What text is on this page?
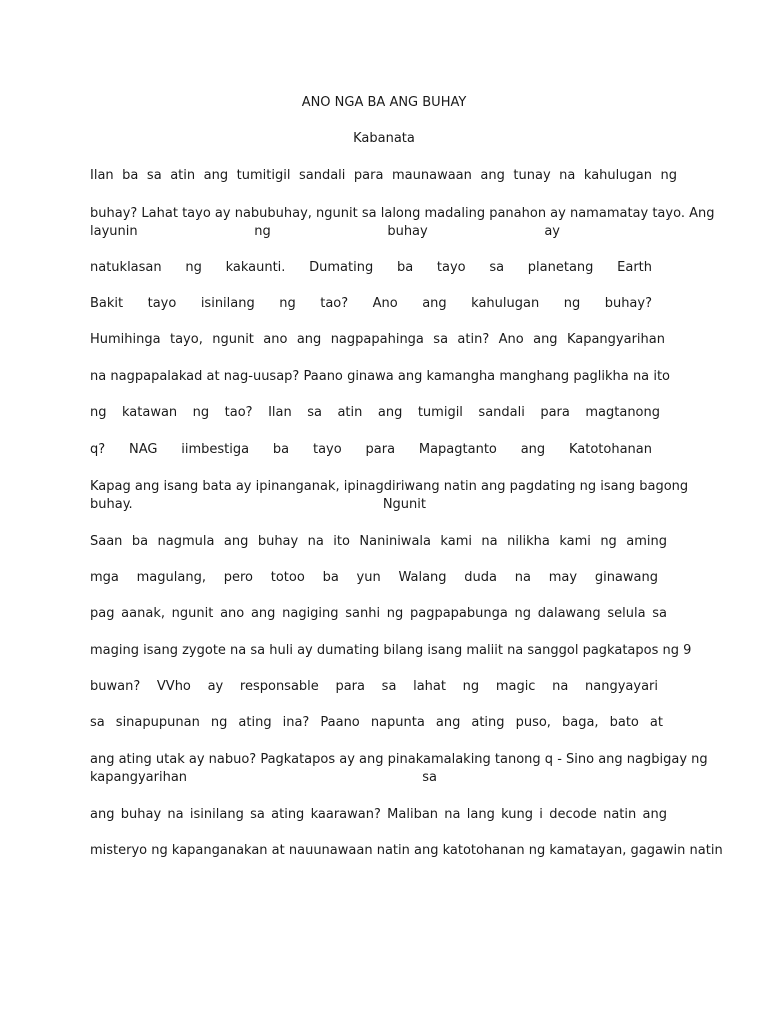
ANO NGA BA ANG BUHAY
Kabanata
Ilan ba sa atin ang tumitigil sandali para maunawaan ang tunay na kahulugan ng
buhay? Lahat tayo ay nabubuhay, ngunit sa lalong madaling panahon ay namamatay tayo. Ang
layunin ng buhay ay
natuklasan ng kakaunti. Dumating ba tayo sa planetang Earth
Bakit tayo isinilang ng tao? Ano ang kahulugan ng buhay?
Humihinga tayo, ngunit ano ang nagpapahinga sa atin? Ano ang Kapangyarihan
na nagpapalakad at nag-uusap? Paano ginawa ang kamangha manghang paglikha na ito
ng katawan ng tao? Ilan sa atin ang tumigil sandali para magtanong
q? NAG iimbestiga ba tayo para Mapagtanto ang Katotohanan
Kapag ang isang bata ay ipinanganak, ipinagdiriwang natin ang pagdating ng isang bagong
buhay. Ngunit
Saan ba nagmula ang buhay na ito Naniniwala kami na nilikha kami ng aming
mga magulang, pero totoo ba yun Walang duda na may ginawang
pag aanak, ngunit ano ang nagiging sanhi ng pagpapabunga ng dalawang selula sa
maging isang zygote na sa huli ay dumating bilang isang maliit na sanggol pagkatapos ng 9
buwan? VVho ay responsable para sa lahat ng magic na nangyayari
sa sinapupunan ng ating ina? Paano napunta ang ating puso, baga, bato at
ang ating utak ay nabuo? Pagkatapos ay ang pinakamalaking tanong q - Sino ang nagbigay ng
kapangyarihan sa
ang buhay na isinilang sa ating kaarawan? Maliban na lang kung i decode natin ang
misteryo ng kapanganakan at nauunawaan natin ang katotohanan ng kamatayan, gagawin natin
